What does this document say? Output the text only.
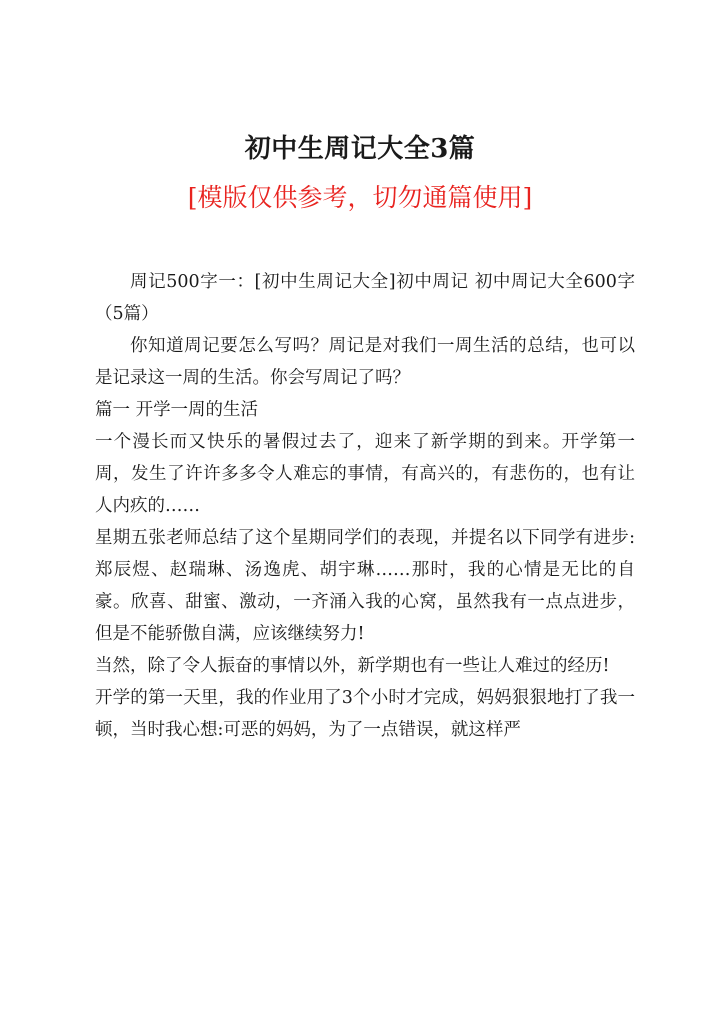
初中生周记大全3篇
[模版仅供参考，切勿通篇使用]

周记500字一：[初中生周记大全]初中周记 初中周记大全600字（5篇）

你知道周记要怎么写吗？周记是对我们一周生活的总结，也可以是记录这一周的生活。你会写周记了吗？

篇一 开学一周的生活

一个漫长而又快乐的暑假过去了，迎来了新学期的到来。开学第一周，发生了许许多多令人难忘的事情，有高兴的，有悲伤的，也有让人内疚的……

星期五张老师总结了这个星期同学们的表现，并提名以下同学有进步:郑辰煜、赵瑞琳、汤逸虎、胡宇琳……那时，我的心情是无比的自豪。欣喜、甜蜜、激动，一齐涌入我的心窝，虽然我有一点点进步，但是不能骄傲自满，应该继续努力!

当然，除了令人振奋的事情以外，新学期也有一些让人难过的经历!

开学的第一天里，我的作业用了3个小时才完成，妈妈狠狠地打了我一顿，当时我心想:可恶的妈妈，为了一点错误，就这样严
